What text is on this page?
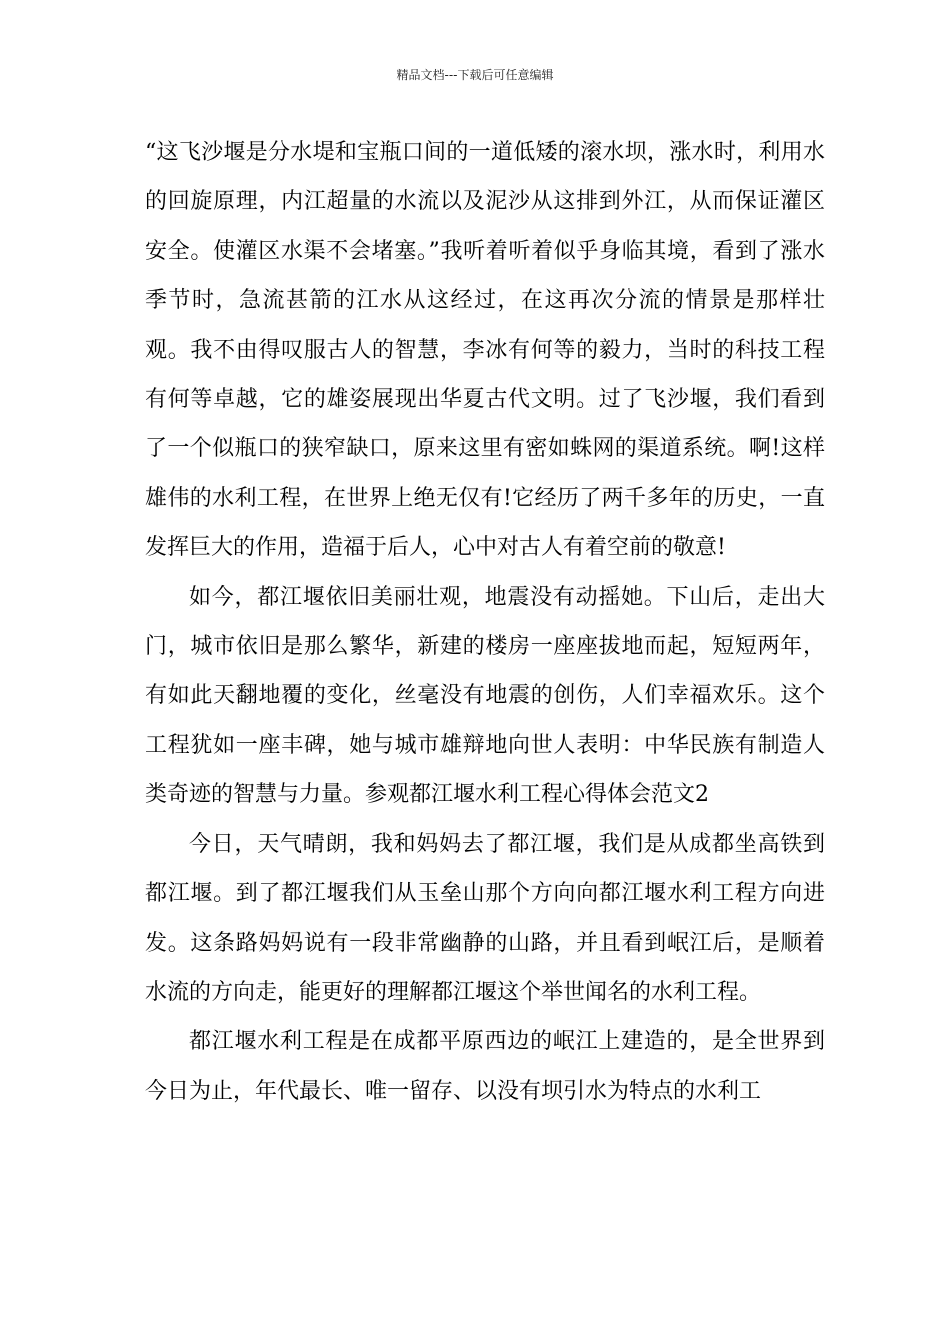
精品文档---下载后可任意编辑

“这飞沙堰是分水堤和宝瓶口间的一道低矮的滚水坝，涨水时，利用水的回旋原理，内江超量的水流以及泥沙从这排到外江，从而保证灌区安全。使灌区水渠不会堵塞。”我听着听着似乎身临其境，看到了涨水季节时，急流甚箭的江水从这经过，在这再次分流的情景是那样壮观。我不由得叹服古人的智慧，李冰有何等的毅力，当时的科技工程有何等卓越，它的雄姿展现出华夏古代文明。过了飞沙堰，我们看到了一个似瓶口的狭窄缺口，原来这里有密如蛛网的渠道系统。啊!这样雄伟的水利工程，在世界上绝无仅有!它经历了两千多年的历史，一直发挥巨大的作用，造福于后人，心中对古人有着空前的敬意!

如今，都江堰依旧美丽壮观，地震没有动摇她。下山后，走出大门，城市依旧是那么繁华，新建的楼房一座座拔地而起，短短两年，有如此天翻地覆的变化，丝毫没有地震的创伤，人们幸福欢乐。这个工程犹如一座丰碑，她与城市雄辩地向世人表明：中华民族有制造人类奇迹的智慧与力量。参观都江堰水利工程心得体会范文2

今日，天气晴朗，我和妈妈去了都江堰，我们是从成都坐高铁到都江堰。到了都江堰我们从玉垒山那个方向向都江堰水利工程方向进发。这条路妈妈说有一段非常幽静的山路，并且看到岷江后，是顺着水流的方向走，能更好的理解都江堰这个举世闻名的水利工程。

都江堰水利工程是在成都平原西边的岷江上建造的，是全世界到今日为止，年代最长、唯一留存、以没有坝引水为特点的水利工
